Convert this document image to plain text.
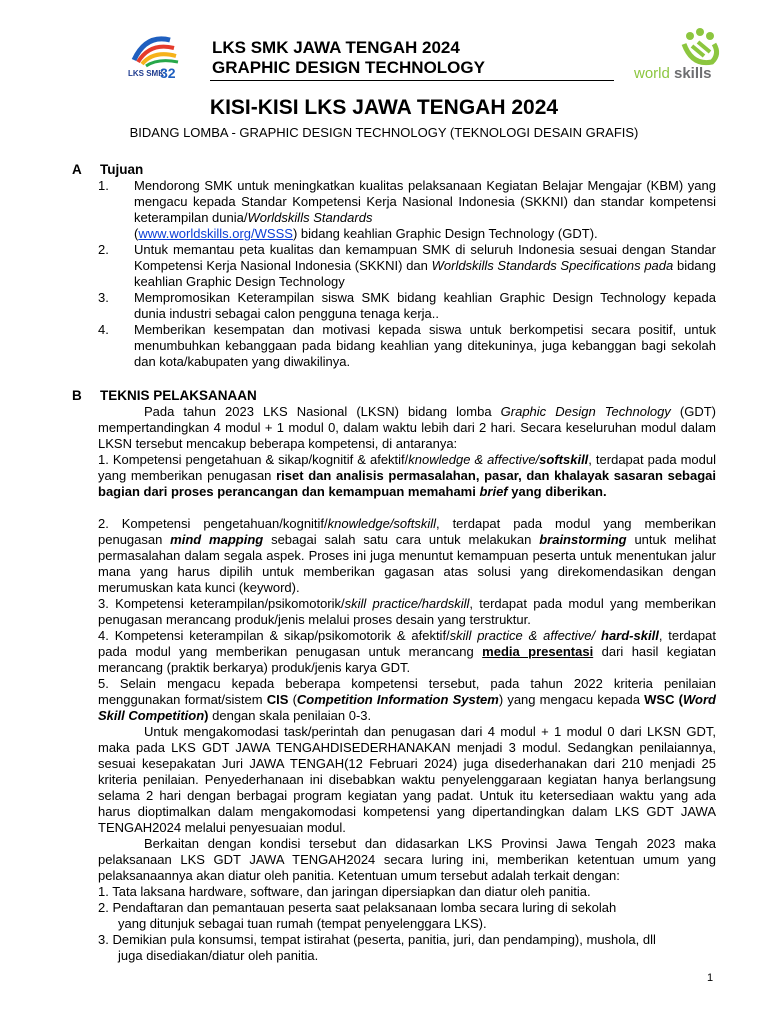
LKS SMK
32
LKS SMK JAWA TENGAH 2024
GRAPHIC DESIGN TECHNOLOGY	world skills
KISI-KISI LKS JAWA TENGAH 2024
BIDANG LOMBA - GRAPHIC DESIGN TECHNOLOGY (TEKNOLOGI DESAIN GRAFIS)
A Tujuan
1. Mendorong SMK untuk meningkatkan kualitas pelaksanaan Kegiatan Belajar Mengajar (KBM) yang mengacu kepada Standar Kompetensi Kerja Nasional Indonesia (SKKNI) dan standar kompetensi keterampilan dunia/Worldskills Standards
(www.worldskills.org/WSSS) bidang keahlian Graphic Design Technology (GDT).
2. Untuk memantau peta kualitas dan kemampuan SMK di seluruh Indonesia sesuai dengan Standar Kompetensi Kerja Nasional Indonesia (SKKNI) dan Worldskills Standards Specifications pada bidang keahlian Graphic Design Technology
3. Mempromosikan Keterampilan siswa SMK bidang keahlian Graphic Design Technology kepada dunia industri sebagai calon pengguna tenaga kerja..
4. Memberikan kesempatan dan motivasi kepada siswa untuk berkompetisi secara positif, untuk menumbuhkan kebanggaan pada bidang keahlian yang ditekuninya, juga kebanggan bagi sekolah dan kota/kabupaten yang diwakilinya.
B TEKNIS PELAKSANAAN
Pada tahun 2023 LKS Nasional (LKSN) bidang lomba Graphic Design Technology (GDT) mempertandingkan 4 modul + 1 modul 0, dalam waktu lebih dari 2 hari. Secara keseluruhan modul dalam LKSN tersebut mencakup beberapa kompetensi, di antaranya:
1. Kompetensi pengetahuan & sikap/kognitif & afektif/knowledge & affective/softskill, terdapat pada modul yang memberikan penugasan riset dan analisis permasalahan, pasar, dan khalayak sasaran sebagai bagian dari proses perancangan dan kemampuan memahami brief yang diberikan.
2. Kompetensi pengetahuan/kognitif/knowledge/softskill, terdapat pada modul yang memberikan penugasan mind mapping sebagai salah satu cara untuk melakukan brainstorming untuk melihat permasalahan dalam segala aspek. Proses ini juga menuntut kemampuan peserta untuk menentukan jalur mana yang harus dipilih untuk memberikan gagasan atas solusi yang direkomendasikan dengan merumuskan kata kunci (keyword).
3. Kompetensi keterampilan/psikomotorik/skill practice/hardskill, terdapat pada modul yang memberikan penugasan merancang produk/jenis melalui proses desain yang terstruktur.
4. Kompetensi keterampilan & sikap/psikomotorik & afektif/skill practice & affective/ hard-skill, terdapat pada modul yang memberikan penugasan untuk merancang media presentasi dari hasil kegiatan merancang (praktik berkarya) produk/jenis karya GDT.
5. Selain mengacu kepada beberapa kompetensi tersebut, pada tahun 2022 kriteria penilaian menggunakan format/sistem CIS (Competition Information System) yang mengacu kepada WSC (Word Skill Competition) dengan skala penilaian 0-3.
Untuk mengakomodasi task/perintah dan penugasan dari 4 modul + 1 modul 0 dari LKSN GDT, maka pada LKS GDT JAWA TENGAHDISEDERHANAKAN menjadi 3 modul. Sedangkan penilaiannya, sesuai kesepakatan Juri JAWA TENGAH(12 Februari 2024) juga disederhanakan dari 210 menjadi 25 kriteria penilaian. Penyederhanaan ini disebabkan waktu penyelenggaraan kegiatan hanya berlangsung selama 2 hari dengan berbagai program kegiatan yang padat. Untuk itu ketersediaan waktu yang ada harus dioptimalkan dalam mengakomodasi kompetensi yang dipertandingkan dalam LKS GDT JAWA TENGAH2024 melalui penyesuaian modul.
Berkaitan dengan kondisi tersebut dan didasarkan LKS Provinsi Jawa Tengah 2023 maka pelaksanaan LKS GDT JAWA TENGAH2024 secara luring ini, memberikan ketentuan umum yang pelaksanaannya akan diatur oleh panitia. Ketentuan umum tersebut adalah terkait dengan:
1. Tata laksana hardware, software, dan jaringan dipersiapkan dan diatur oleh panitia.
2. Pendaftaran dan pemantauan peserta saat pelaksanaan lomba secara luring di sekolah
yang ditunjuk sebagai tuan rumah (tempat penyelenggara LKS).
3. Demikian pula konsumsi, tempat istirahat (peserta, panitia, juri, dan pendamping), mushola, dll
juga disediakan/diatur oleh panitia.
1
